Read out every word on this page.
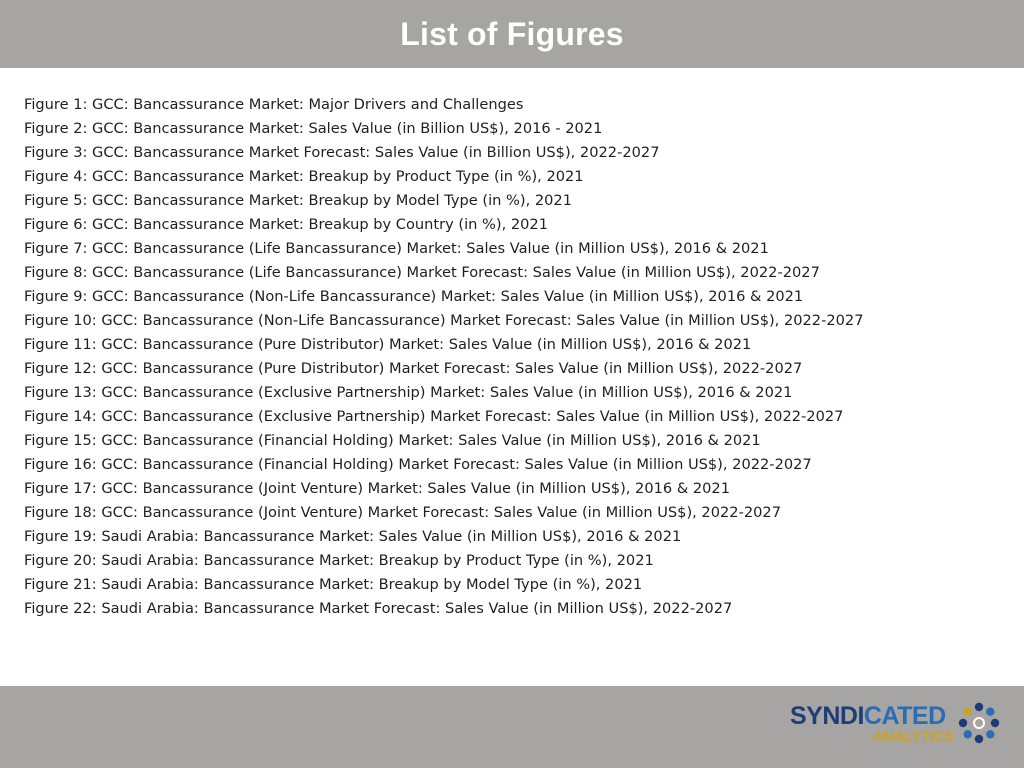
List of Figures
Figure 1: GCC: Bancassurance Market: Major Drivers and Challenges
Figure 2: GCC: Bancassurance Market: Sales Value (in Billion US$), 2016 - 2021
Figure 3: GCC: Bancassurance Market Forecast: Sales Value (in Billion US$), 2022-2027
Figure 4: GCC: Bancassurance Market: Breakup by Product Type (in %), 2021
Figure 5: GCC: Bancassurance Market: Breakup by Model Type (in %), 2021
Figure 6: GCC: Bancassurance Market: Breakup by Country (in %), 2021
Figure 7: GCC: Bancassurance (Life Bancassurance) Market: Sales Value (in Million US$), 2016 & 2021
Figure 8: GCC: Bancassurance (Life Bancassurance) Market Forecast: Sales Value (in Million US$), 2022-2027
Figure 9: GCC: Bancassurance (Non-Life Bancassurance) Market: Sales Value (in Million US$), 2016 & 2021
Figure 10: GCC: Bancassurance (Non-Life Bancassurance) Market Forecast: Sales Value (in Million US$), 2022-2027
Figure 11: GCC: Bancassurance (Pure Distributor) Market: Sales Value (in Million US$), 2016 & 2021
Figure 12: GCC: Bancassurance (Pure Distributor) Market Forecast: Sales Value (in Million US$), 2022-2027
Figure 13: GCC: Bancassurance (Exclusive Partnership) Market: Sales Value (in Million US$), 2016 & 2021
Figure 14: GCC: Bancassurance (Exclusive Partnership) Market Forecast: Sales Value (in Million US$), 2022-2027
Figure 15: GCC: Bancassurance (Financial Holding) Market: Sales Value (in Million US$), 2016 & 2021
Figure 16: GCC: Bancassurance (Financial Holding) Market Forecast: Sales Value (in Million US$), 2022-2027
Figure 17: GCC: Bancassurance (Joint Venture) Market: Sales Value (in Million US$), 2016 & 2021
Figure 18: GCC: Bancassurance (Joint Venture) Market Forecast: Sales Value (in Million US$), 2022-2027
Figure 19: Saudi Arabia: Bancassurance Market: Sales Value (in Million US$), 2016 & 2021
Figure 20: Saudi Arabia: Bancassurance Market: Breakup by Product Type (in %), 2021
Figure 21: Saudi Arabia: Bancassurance Market: Breakup by Model Type (in %), 2021
Figure 22: Saudi Arabia: Bancassurance Market Forecast: Sales Value (in Million US$), 2022-2027
SYNDICATED
ANALYTICS
